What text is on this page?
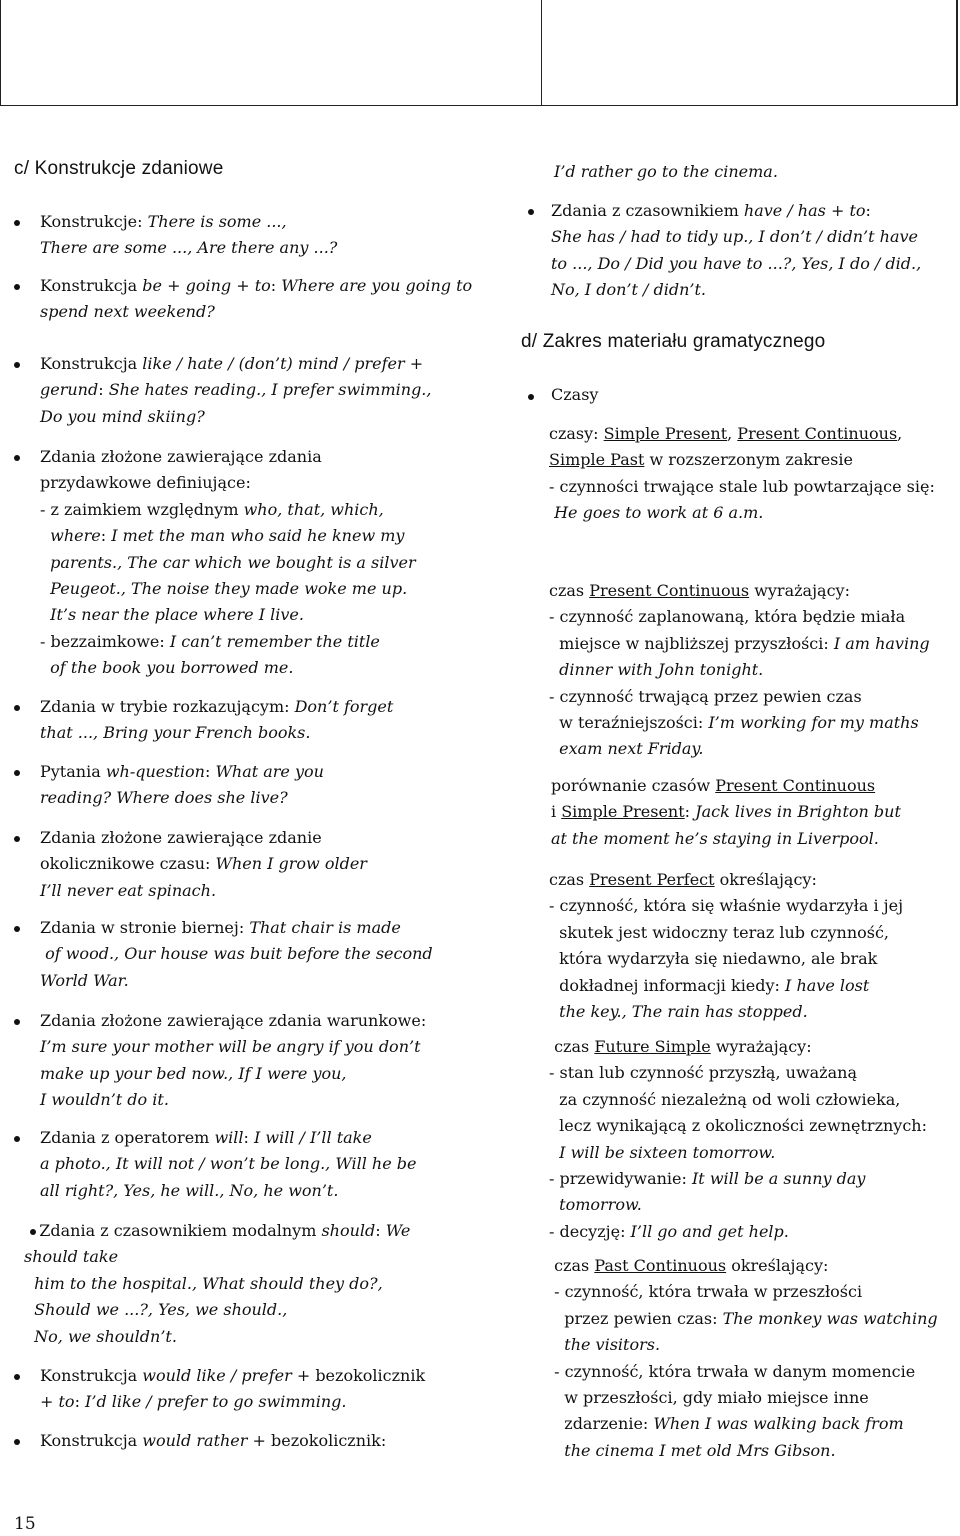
c/ Konstrukcje zdaniowe
Konstrukcje: There is some ...,
There are some ..., Are there any ...?
Konstrukcja be + going + to: Where are you going to
spend next weekend?
Konstrukcja like / hate / (don’t) mind / prefer +
gerund: She hates reading., I prefer swimming.,
Do you mind skiing?
Zdania złożone zawierające zdania
przydawkowe definiujące:
- z zaimkiem względnym who, that, which,
where: I met the man who said he knew my
parents., The car which we bought is a silver
Peugeot., The noise they made woke me up.
It’s near the place where I live.
- bezzaimkowe: I can’t remember the title
of the book you borrowed me.
Zdania w trybie rozkazującym: Don’t forget
that ..., Bring your French books.
Pytania wh-question: What are you
reading? Where does she live?
Zdania złożone zawierające zdanie
okolicznikowe czasu: When I grow older
I’ll never eat spinach.
Zdania w stronie biernej: That chair is made
of wood., Our house was buit before the second
World War.
Zdania złożone zawierające zdania warunkowe:
I’m sure your mother will be angry if you don’t
make up your bed now., If I were you,
I wouldn’t do it.
Zdania z operatorem will: I will / I’ll take
a photo., It will not / won’t be long., Will he be
all right?, Yes, he will., No, he won’t.
Zdania z czasownikiem modalnym should: We
should take
him to the hospital., What should they do?,
Should we ...?, Yes, we should.,
No, we shouldn’t.
Konstrukcja would like / prefer + bezokolicznik
+ to: I’d like / prefer to go swimming.
Konstrukcja would rather + bezokolicznik:
I’d rather go to the cinema.
Zdania z czasownikiem have / has + to:
She has / had to tidy up., I don’t / didn’t have
to ..., Do / Did you have to ...?, Yes, I do / did.,
No, I don’t / didn’t.
d/ Zakres materiału gramatycznego
Czasy
czasy: Simple Present, Present Continuous,
Simple Past w rozszerzonym zakresie
- czynności trwające stale lub powtarzające się:
He goes to work at 6 a.m.
czas Present Continuous wyrażający:
- czynność zaplanowaną, która będzie miała
miejsce w najbliższej przyszłości: I am having
dinner with John tonight.
- czynność trwającą przez pewien czas
w teraźniejszości: I’m working for my maths
exam next Friday.
porównanie czasów Present Continuous
i Simple Present: Jack lives in Brighton but
at the moment he’s staying in Liverpool.
czas Present Perfect określający:
- czynność, która się właśnie wydarzyła i jej
skutek jest widoczny teraz lub czynność,
która wydarzyła się niedawno, ale brak
dokładnej informacji kiedy: I have lost
the key., The rain has stopped.
czas Future Simple wyrażający:
- stan lub czynność przyszłą, uważaną
za czynność niezależną od woli człowieka,
lecz wynikającą z okoliczności zewnętrznych:
I will be sixteen tomorrow.
- przewidywanie: It will be a sunny day
tomorrow.
- decyzję: I’ll go and get help.
czas Past Continuous określający:
- czynność, która trwała w przeszłości
przez pewien czas: The monkey was watching
the visitors.
- czynność, która trwała w danym momencie
w przeszłości, gdy miało miejsce inne
zdarzenie: When I was walking back from
the cinema I met old Mrs Gibson.
15
